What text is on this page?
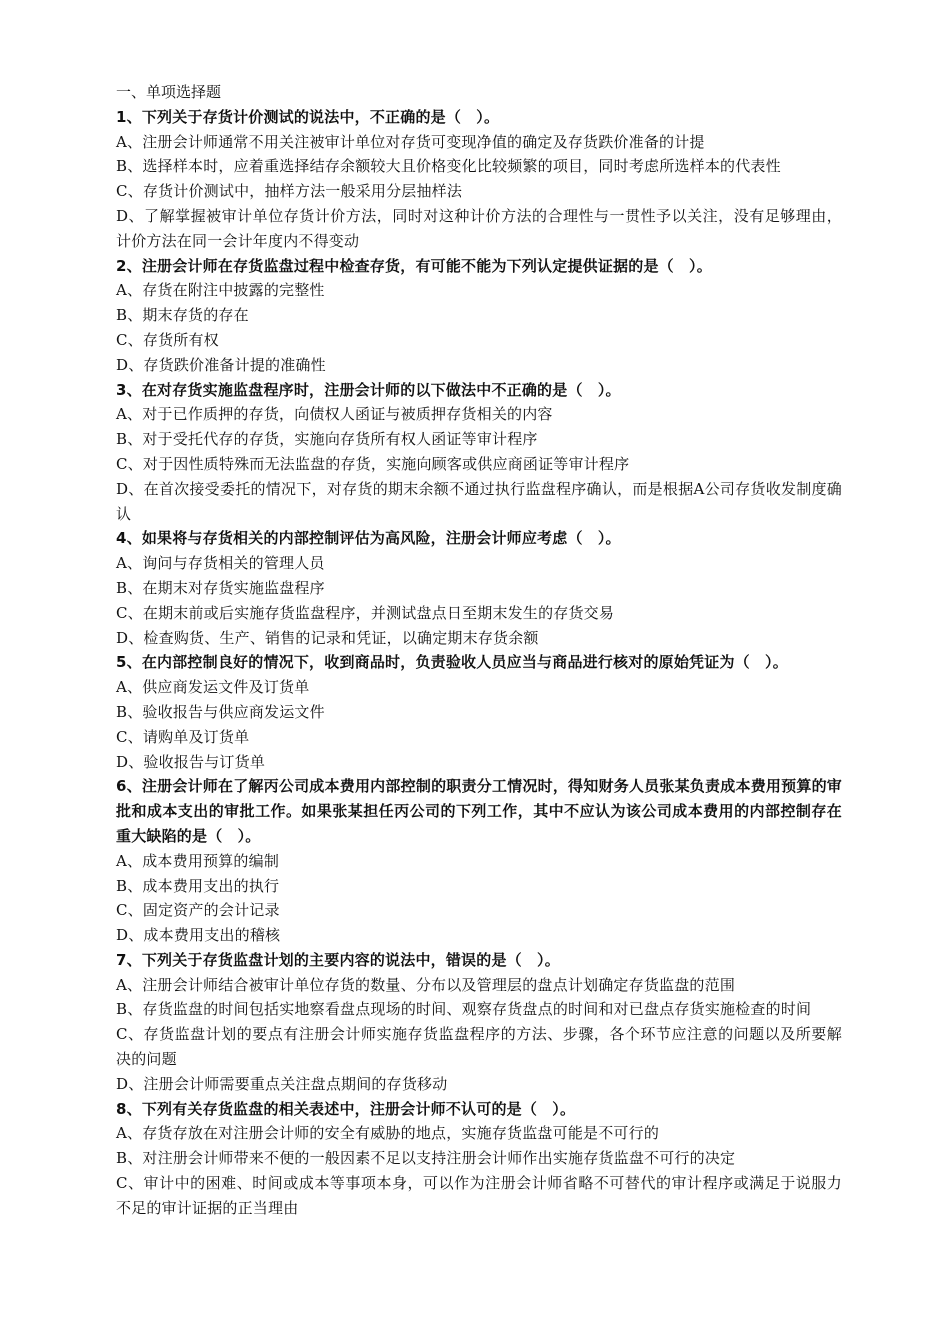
一、单项选择题

1、下列关于存货计价测试的说法中，不正确的是（　）。

A、注册会计师通常不用关注被审计单位对存货可变现净值的确定及存货跌价准备的计提

B、选择样本时，应着重选择结存余额较大且价格变化比较频繁的项目，同时考虑所选样本的代表性

C、存货计价测试中，抽样方法一般采用分层抽样法

D、了解掌握被审计单位存货计价方法，同时对这种计价方法的合理性与一贯性予以关注，没有足够理由，计价方法在同一会计年度内不得变动

2、注册会计师在存货监盘过程中检查存货，有可能不能为下列认定提供证据的是（　）。

A、存货在附注中披露的完整性

B、期末存货的存在

C、存货所有权

D、存货跌价准备计提的准确性

3、在对存货实施监盘程序时，注册会计师的以下做法中不正确的是（　）。

A、对于已作质押的存货，向债权人函证与被质押存货相关的内容

B、对于受托代存的存货，实施向存货所有权人函证等审计程序

C、对于因性质特殊而无法监盘的存货，实施向顾客或供应商函证等审计程序

D、在首次接受委托的情况下，对存货的期末余额不通过执行监盘程序确认，而是根据A公司存货收发制度确认

4、如果将与存货相关的内部控制评估为高风险，注册会计师应考虑（　）。

A、询问与存货相关的管理人员

B、在期末对存货实施监盘程序

C、在期末前或后实施存货监盘程序，并测试盘点日至期末发生的存货交易

D、检查购货、生产、销售的记录和凭证，以确定期末存货余额

5、在内部控制良好的情况下，收到商品时，负责验收人员应当与商品进行核对的原始凭证为（　）。

A、供应商发运文件及订货单

B、验收报告与供应商发运文件

C、请购单及订货单

D、验收报告与订货单

6、注册会计师在了解丙公司成本费用内部控制的职责分工情况时，得知财务人员张某负责成本费用预算的审批和成本支出的审批工作。如果张某担任丙公司的下列工作，其中不应认为该公司成本费用的内部控制存在重大缺陷的是（　）。

A、成本费用预算的编制

B、成本费用支出的执行

C、固定资产的会计记录

D、成本费用支出的稽核

7、下列关于存货监盘计划的主要内容的说法中，错误的是（　）。

A、注册会计师结合被审计单位存货的数量、分布以及管理层的盘点计划确定存货监盘的范围

B、存货监盘的时间包括实地察看盘点现场的时间、观察存货盘点的时间和对已盘点存货实施检查的时间

C、存货监盘计划的要点有注册会计师实施存货监盘程序的方法、步骤，各个环节应注意的问题以及所要解决的问题

D、注册会计师需要重点关注盘点期间的存货移动

8、下列有关存货监盘的相关表述中，注册会计师不认可的是（　）。

A、存货存放在对注册会计师的安全有威胁的地点，实施存货监盘可能是不可行的

B、对注册会计师带来不便的一般因素不足以支持注册会计师作出实施存货监盘不可行的决定

C、审计中的困难、时间或成本等事项本身，可以作为注册会计师省略不可替代的审计程序或满足于说服力不足的审计证据的正当理由
